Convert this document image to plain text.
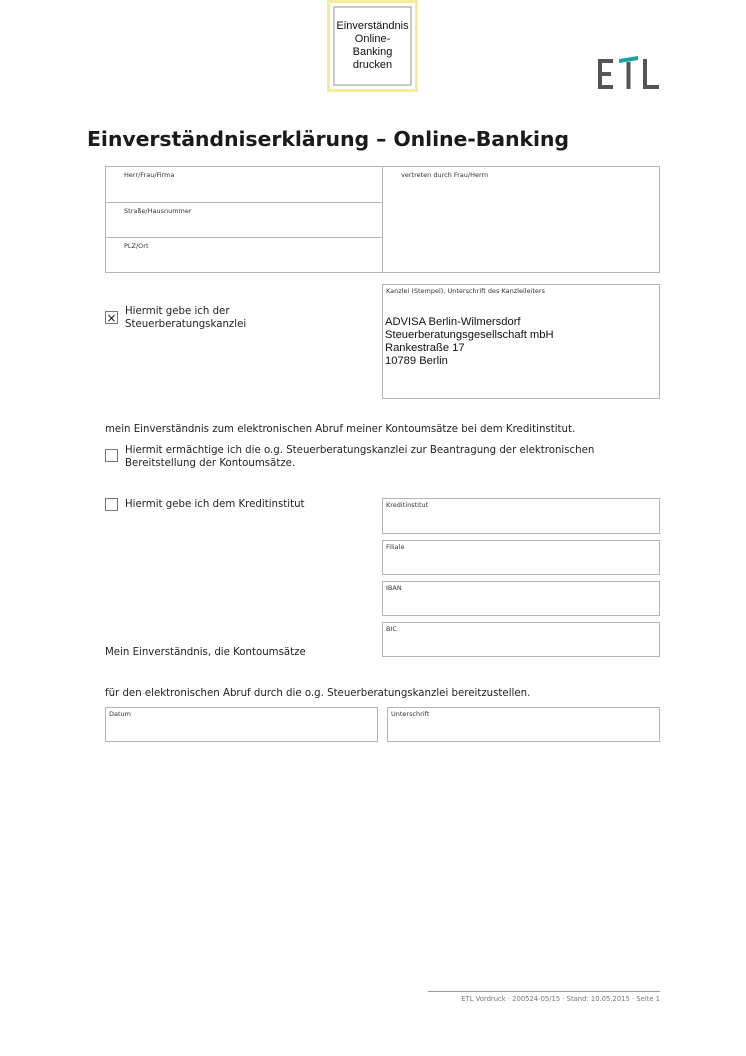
Einverständnis
Online-Banking
drucken
Einverständniserklärung – Online-Banking
Herr/Frau/Firma
Straße/Hausnummer
PLZ/Ort
vertreten durch Frau/Herrn
× Hiermit gebe ich der
Steuerberatungskanzlei
Kanzlei (Stempel), Unterschrift des Kanzleileiters
ADVISA Berlin-Wilmersdorf
Steuerberatungsgesellschaft mbH
Rankestraße 17
10789 Berlin
mein Einverständnis zum elektronischen Abruf meiner Kontoumsätze bei dem Kreditinstitut.
Hiermit ermächtige ich die o.g. Steuerberatungskanzlei zur Beantragung der elektronischen
Bereitstellung der Kontoumsätze.
Hiermit gebe ich dem Kreditinstitut	Kreditinstitut
Filiale
IBAN
BIC
Mein Einverständnis, die Kontoumsätze
für den elektronischen Abruf durch die o.g. Steuerberatungskanzlei bereitzustellen.
Datum	Unterschrift
ETL Vordruck · 200524-05/15 · Stand: 10.05.2015 · Seite 1
